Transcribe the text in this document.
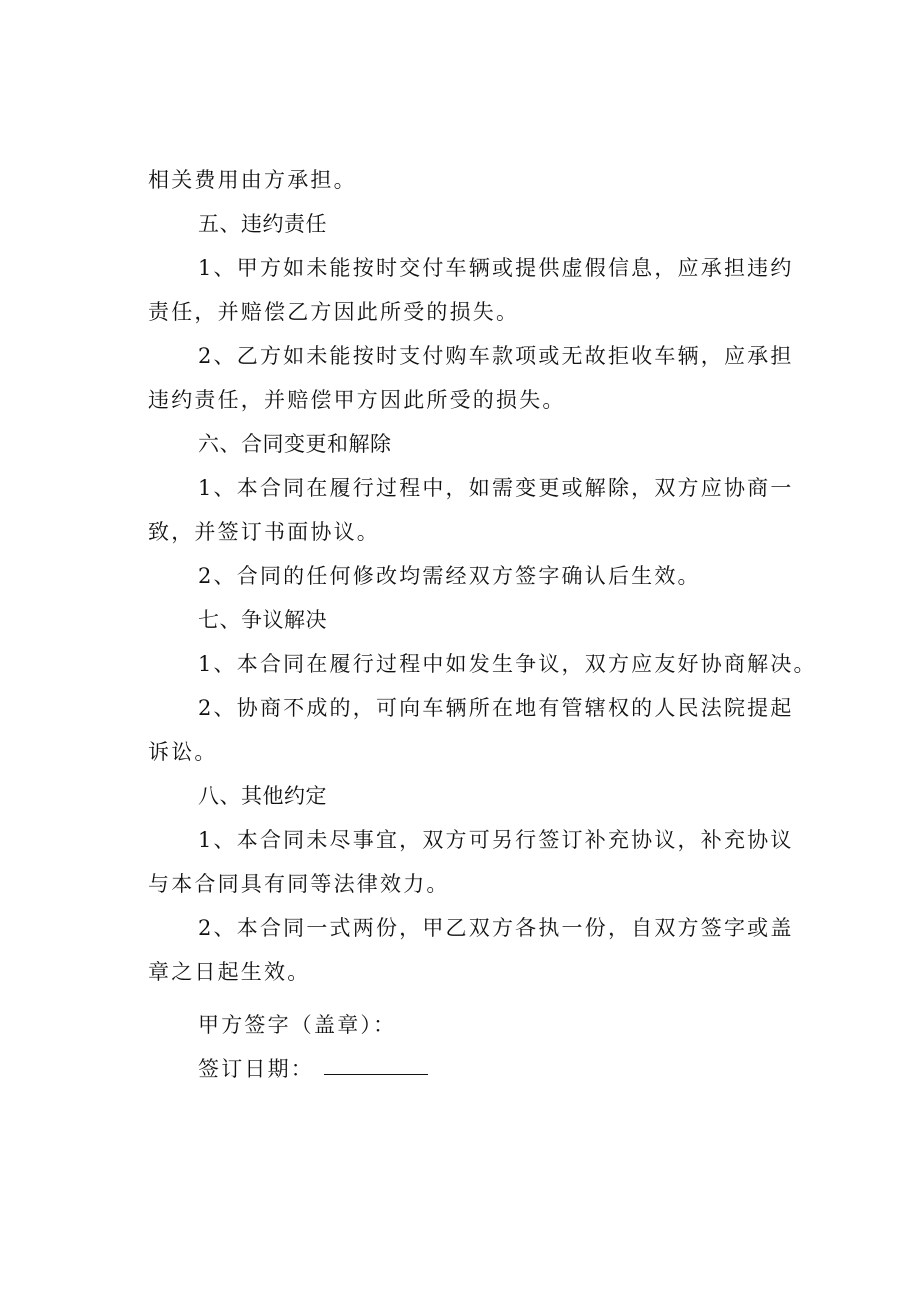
相关费用由方承担。
五、违约责任
1、甲方如未能按时交付车辆或提供虚假信息，应承担违约
责任，并赔偿乙方因此所受的损失。
2、乙方如未能按时支付购车款项或无故拒收车辆，应承担
违约责任，并赔偿甲方因此所受的损失。
六、合同变更和解除
1、本合同在履行过程中，如需变更或解除，双方应协商一
致，并签订书面协议。
2、合同的任何修改均需经双方签字确认后生效。
七、争议解决
1、本合同在履行过程中如发生争议，双方应友好协商解决。
2、协商不成的，可向车辆所在地有管辖权的人民法院提起
诉讼。
八、其他约定
1、本合同未尽事宜，双方可另行签订补充协议，补充协议
与本合同具有同等法律效力。
2、本合同一式两份，甲乙双方各执一份，自双方签字或盖
章之日起生效。
甲方签字（盖章）：
签订日期：
